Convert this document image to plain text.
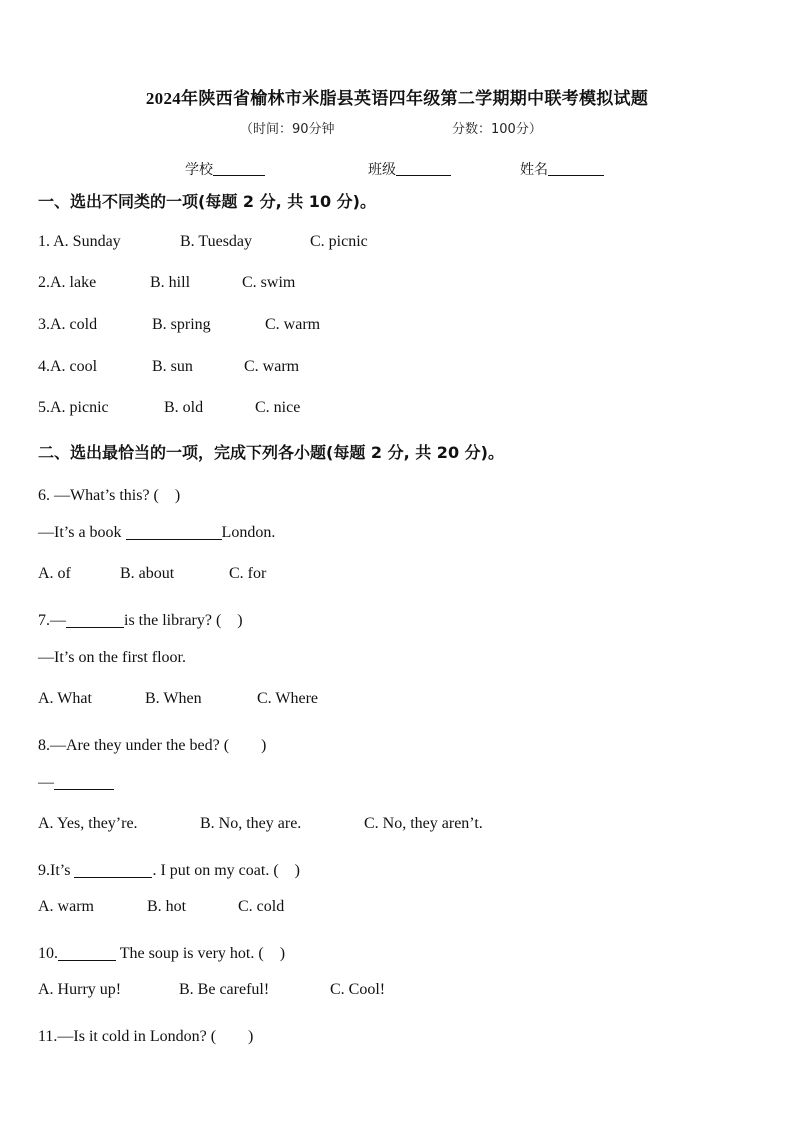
2024年陕西省榆林市米脂县英语四年级第二学期期中联考模拟试题
（时间：90分钟	分数：100分）
学校	班级	姓名
一、选出不同类的一项(每题 2 分, 共 10 分)。
1. A. Sunday	B. Tuesday	C. picnic
2.A. lake	B. hill	C. swim
3.A. cold	B. spring	C. warm
4.A. cool	B. sun	C. warm
5.A. picnic	B. old	C. nice
二、选出最恰当的一项，完成下列各小题(每题 2 分, 共 20 分)。
6. —What’s this? (　)
—It’s a book	London.
A. of	B. about	C. for
7.—	is the library? (　)
—It’s on the first floor.
A. What	B. When	C. Where
8.—Are they under the bed? (　　)
—
A. Yes, they’re.	B. No, they are.	C. No, they aren’t.
9.It’s	. I put on my coat. (　)
A. warm	B. hot	C. cold
10.	The soup is very hot. (　)
A. Hurry up!	B. Be careful!	C. Cool!
11.—Is it cold in London? (　　)
